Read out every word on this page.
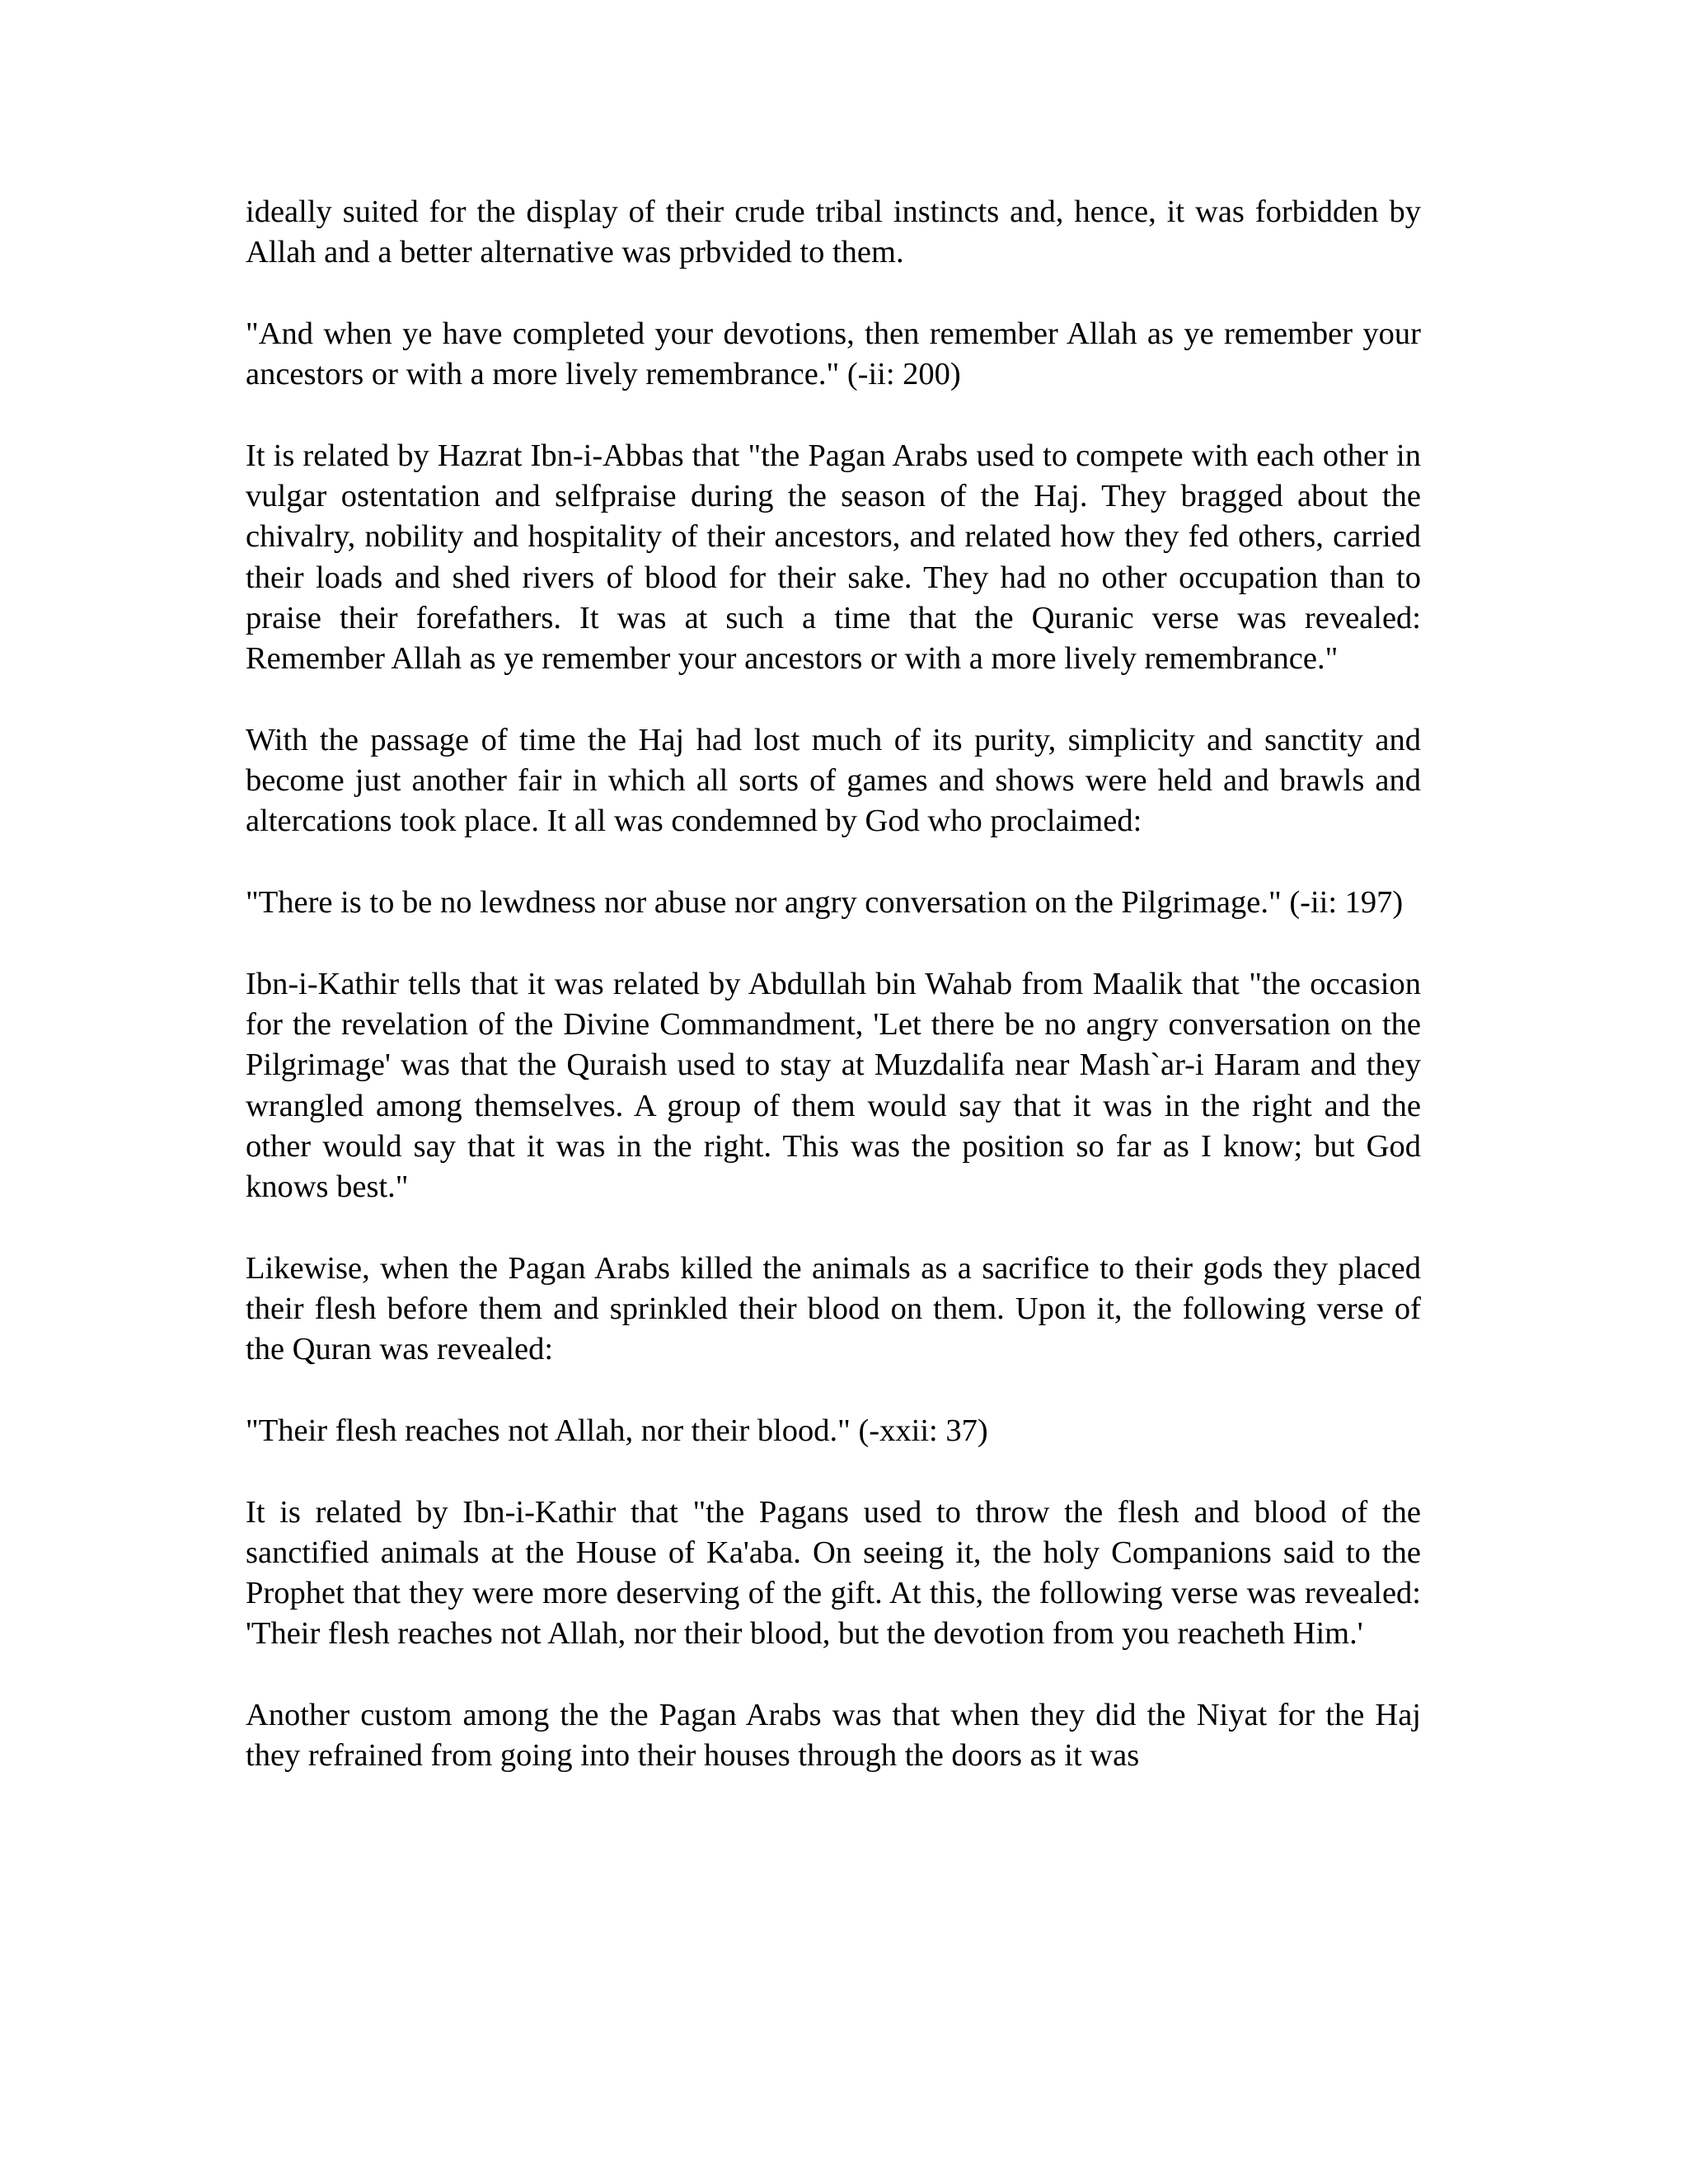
ideally suited for the display of their crude tribal instincts and, hence, it was forbidden by Allah and a better alternative was prbvided to them.

"And when ye have completed your devotions, then remember Allah as ye remember your ancestors or with a more lively remembrance." (-ii: 200)

It is related by Hazrat Ibn-i-Abbas that "the Pagan Arabs used to compete with each other in vulgar ostentation and selfpraise during the season of the Haj. They bragged about the chivalry, nobility and hospitality of their ancestors, and related how they fed others, carried their loads and shed rivers of blood for their sake. They had no other occupation than to praise their forefathers. It was at such a time that the Quranic verse was revealed: Remember Allah as ye remember your ancestors or with a more lively remembrance."

With the passage of time the Haj had lost much of its purity, simplicity and sanctity and become just another fair in which all sorts of games and shows were held and brawls and altercations took place. It all was condemned by God who proclaimed:

"There is to be no lewdness nor abuse nor angry conversation on the Pilgrimage." (-ii: 197)

Ibn-i-Kathir tells that it was related by Abdullah bin Wahab from Maalik that "the occasion for the revelation of the Divine Commandment, 'Let there be no angry conversation on the Pilgrimage' was that the Quraish used to stay at Muzdalifa near Mash`ar-i Haram and they wrangled among themselves. A group of them would say that it was in the right and the other would say that it was in the right. This was the position so far as I know; but God knows best."

Likewise, when the Pagan Arabs killed the animals as a sacrifice to their gods they placed their flesh before them and sprinkled their blood on them. Upon it, the following verse of the Quran was revealed:

"Their flesh reaches not Allah, nor their blood." (-xxii: 37)

It is related by Ibn-i-Kathir that "the Pagans used to throw the flesh and blood of the sanctified animals at the House of Ka'aba. On seeing it, the holy Companions said to the Prophet that they were more deserving of the gift. At this, the following verse was revealed: 'Their flesh reaches not Allah, nor their blood, but the devotion from you reacheth Him.'

Another custom among the the Pagan Arabs was that when they did the Niyat for the Haj they refrained from going into their houses through the doors as it was
